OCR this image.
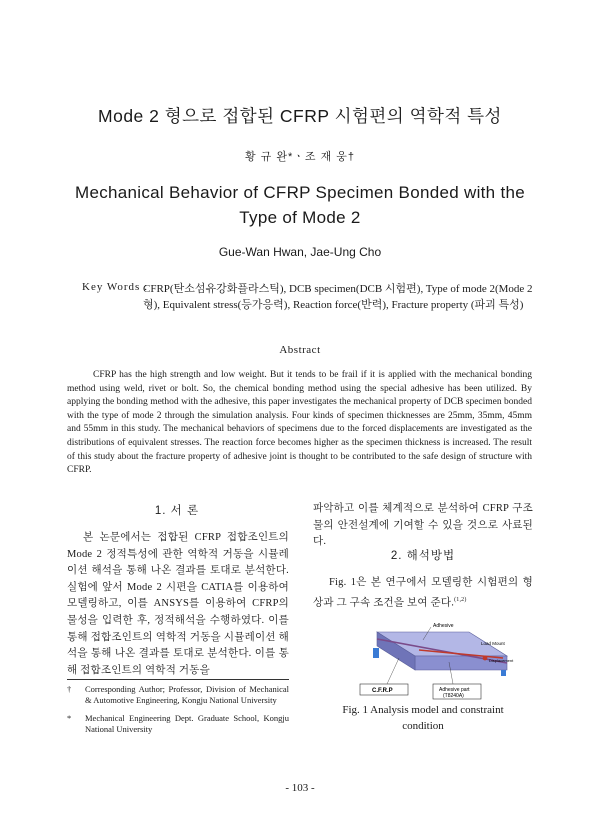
Mode 2 형으로 접합된 CFRP 시험편의 역학적 특성
황 규 완*ㆍ조 재 웅†
Mechanical Behavior of CFRP Specimen Bonded with the
Type of Mode 2
Gue-Wan Hwan, Jae-Ung Cho
Key Words :
CFRP(탄소섬유강화플라스틱), DCB specimen(DCB 시험편), Type of mode 2(Mode 2형), Equivalent stress(등가응력), Reaction force(반력), Fracture property (파괴 특성)
Abstract
CFRP has the high strength and low weight. But it tends to be frail if it is applied with the mechanical bonding method using weld, rivet or bolt. So, the chemical bonding method using the special adhesive has been utilized. By applying the bonding method with the adhesive, this paper investigates the mechanical property of DCB specimen bonded with the type of mode 2 through the simulation analysis. Four kinds of specimen thicknesses are 25mm, 35mm, 45mm and 55mm in this study. The mechanical behaviors of specimens due to the forced displacements are investigated as the distributions of equivalent stresses. The reaction force becomes higher as the specimen thickness is increased. The result of this study about the fracture property of adhesive joint is thought to be contributed to the safe design of structure with CFRP.
1. 서 론
본 논문에서는 접합된 CFRP 접합조인트의 Mode 2 정적특성에 관한 역학적 거동을 시뮬레이션 해석을 통해 나온 결과를 토대로 분석한다. 실험에 앞서 Mode 2 시편을 CATIA를 이용하여 모델링하고, 이를 ANSYS를 이용하여 CFRP의 물성을 입력한 후, 정적해석을 수행하였다. 이를 통해 접합조인트의 역학적 거동을 시뮬레이션 해석을 통해 나온 결과를 토대로 분석한다. 이를 통해 접합조인트의 역학적 거동을
파악하고 이를 체계적으로 분석하여 CFRP 구조물의 안전설계에 기여할 수 있을 것으로 사료된다.
2. 해석방법
Fig. 1은 본 연구에서 모델링한 시험편의 형상과 그 구속 조건을 보여 준다.$^{(1,2)}$
Adhesive
Load Mount
Displacement
C.F.R.P	Adhesive part
(T8240A)
Fig. 1 Analysis model and constraint
condition
†	Corresponding Author; Professor, Division of Mechanical & Automotive Engineering, Kongju National University
*	Mechanical Engineering Dept. Graduate School, Kongju National University
- 103 -
